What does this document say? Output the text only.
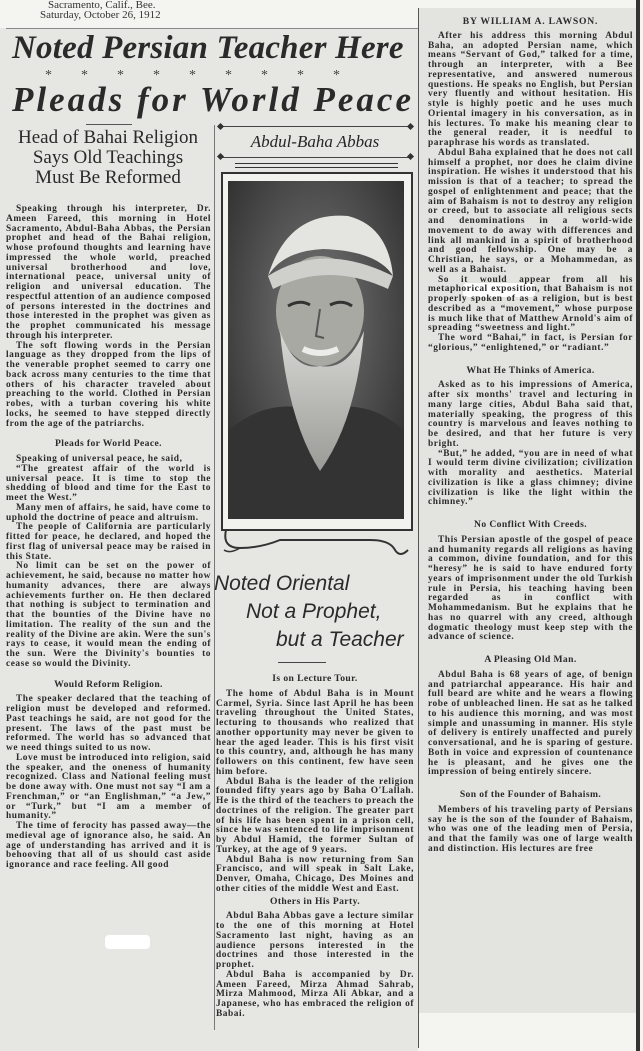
Sacramento, Calif., Bee.
Saturday, October 26, 1912
Noted Persian Teacher Here
*********
Pleads for World Peace
Head of Bahai Religion
Says Old Teachings
Must Be Reformed
Abdul-Baha Abbas
Noted Oriental
Not a Prophet,
but a Teacher

Speaking through his interpreter, Dr. Ameen Fareed, this morning in Hotel Sacramento, Abdul-Baha Abbas, the Persian prophet and head of the Bahai religion, whose profound thoughts and learning have impressed the whole world, preached universal brotherhood and love, international peace, universal unity of religion and universal education. The respectful attention of an audience composed of persons interested in the doctrines and those interested in the prophet was given as the prophet communicated his message through his interpreter.

The soft flowing words in the Persian language as they dropped from the lips of the venerable prophet seemed to carry one back across many centuries to the time that others of his character traveled about preaching to the world. Clothed in Persian robes, with a turban covering his white locks, he seemed to have stepped directly from the age of the patriarchs.

Pleads for World Peace.

Speaking of universal peace, he said,

“The greatest affair of the world is universal peace. It is time to stop the shedding of blood and time for the East to meet the West.”

Many men of affairs, he said, have come to uphold the doctrine of peace and altruism.

The people of California are particularly fitted for peace, he declared, and hoped the first flag of universal peace may be raised in this State.

No limit can be set on the power of achievement, he said, because no matter how humanity advances, there are always achievements further on. He then declared that nothing is subject to termination and that the bounties of the Divine have no limitation. The reality of the sun and the reality of the Divine are akin. Were the sun's rays to cease, it would mean the ending of the sun. Were the Divinity's bounties to cease so would the Divinity.

Would Reform Religion.

The speaker declared that the teaching of religion must be developed and reformed. Past teachings he said, are not good for the present. The laws of the past must be reformed. The world has so advanced that we need things suited to us now.

Love must be introduced into religion, said the speaker, and the oneness of humanity recognized. Class and National feeling must be done away with. One must not say “I am a Frenchman,” or “an Englishman,” “a Jew,” or “Turk,” but “I am a member of humanity.”

The time of ferocity has passed away—the medieval age of ignorance also, he said. An age of understanding has arrived and it is behooving that all of us should cast aside ignorance and race feeling. All good

Is on Lecture Tour.

The home of Abdul Baha is in Mount Carmel, Syria. Since last April he has been traveling throughout the United States, lecturing to thousands who realized that another opportunity may never be given to hear the aged leader. This is his first visit to this country, and, although he has many followers on this continent, few have seen him before.

Abdul Baha is the leader of the religion founded fifty years ago by Baha O'Lallah. He is the third of the teachers to preach the doctrines of the religion. The greater part of his life has been spent in a prison cell, since he was sentenced to life imprisonment by Abdul Hamid, the former Sultan of Turkey, at the age of 9 years.

Abdul Baha is now returning from San Francisco, and will speak in Salt Lake, Denver, Omaha, Chicago, Des Moines and other cities of the middle West and East.

Others in His Party.

Abdul Baha Abbas gave a lecture similar to the one of this morning at Hotel Sacramento last night, having as an audience persons interested in the doctrines and those interested in the prophet.

Abdul Baha is accompanied by Dr. Ameen Fareed, Mirza Ahmad Sahrab, Mirza Mahmood, Mirza Ali Abkar, and a Japanese, who has embraced the religion of Babai.

BY WILLIAM A. LAWSON.

After his address this morning Abdul Baha, an adopted Persian name, which means “Servant of God,” talked for a time, through an interpreter, with a Bee representative, and answered numerous questions. He speaks no English, but Persian very fluently and without hesitation. His style is highly poetic and he uses much Oriental imagery in his conversation, as in his lectures. To make his meaning clear to the general reader, it is needful to paraphrase his words as translated.

Abdul Baha explained that he does not call himself a prophet, nor does he claim divine inspiration. He wishes it understood that his mission is that of a teacher; to spread the gospel of enlightenment and peace; that the aim of Bahaism is not to destroy any religion or creed, but to associate all religious sects and denominations in a world-wide movement to do away with differences and link all mankind in a spirit of brotherhood and good fellowship. One may be a Christian, he says, or a Mohammedan, as well as a Bahaist.

So it would appear from all his metaphorical exposition, that Bahaism is not properly spoken of as a religion, but is best described as a “movement,” whose purpose is much like that of Matthew Arnold's aim of spreading “sweetness and light.”

The word “Bahai,” in fact, is Persian for “glorious,” “enlightened,” or “radiant.”

What He Thinks of America.

Asked as to his impressions of America, after six months' travel and lecturing in many large cities, Abdul Baha said that, materially speaking, the progress of this country is marvelous and leaves nothing to be desired, and that her future is very bright.

“But,” he added, “you are in need of what I would term divine civilization; civilization with morality and aesthetics. Material civilization is like a glass chimney; divine civilization is like the light within the chimney.”

No Conflict With Creeds.

This Persian apostle of the gospel of peace and humanity regards all religions as having a common, divine foundation, and for this “heresy” he is said to have endured forty years of imprisonment under the old Turkish rule in Persia, his teaching having been regarded as in conflict with Mohammedanism. But he explains that he has no quarrel with any creed, although dogmatic theology must keep step with the advance of science.

A Pleasing Old Man.

Abdul Baha is 68 years of age, of benign and patriarchal appearance. His hair and full beard are white and he wears a flowing robe of unbleached linen. He sat as he talked to his audience this morning, and was most simple and unassuming in manner. His style of delivery is entirely unaffected and purely conversational, and he is sparing of gesture. Both in voice and expression of countenance he is pleasant, and he gives one the impression of being entirely sincere.

Son of the Founder of Bahaism.

Members of his traveling party of Persians say he is the son of the founder of Bahaism, who was one of the leading men of Persia, and that the family was one of large wealth and distinction. His lectures are free
